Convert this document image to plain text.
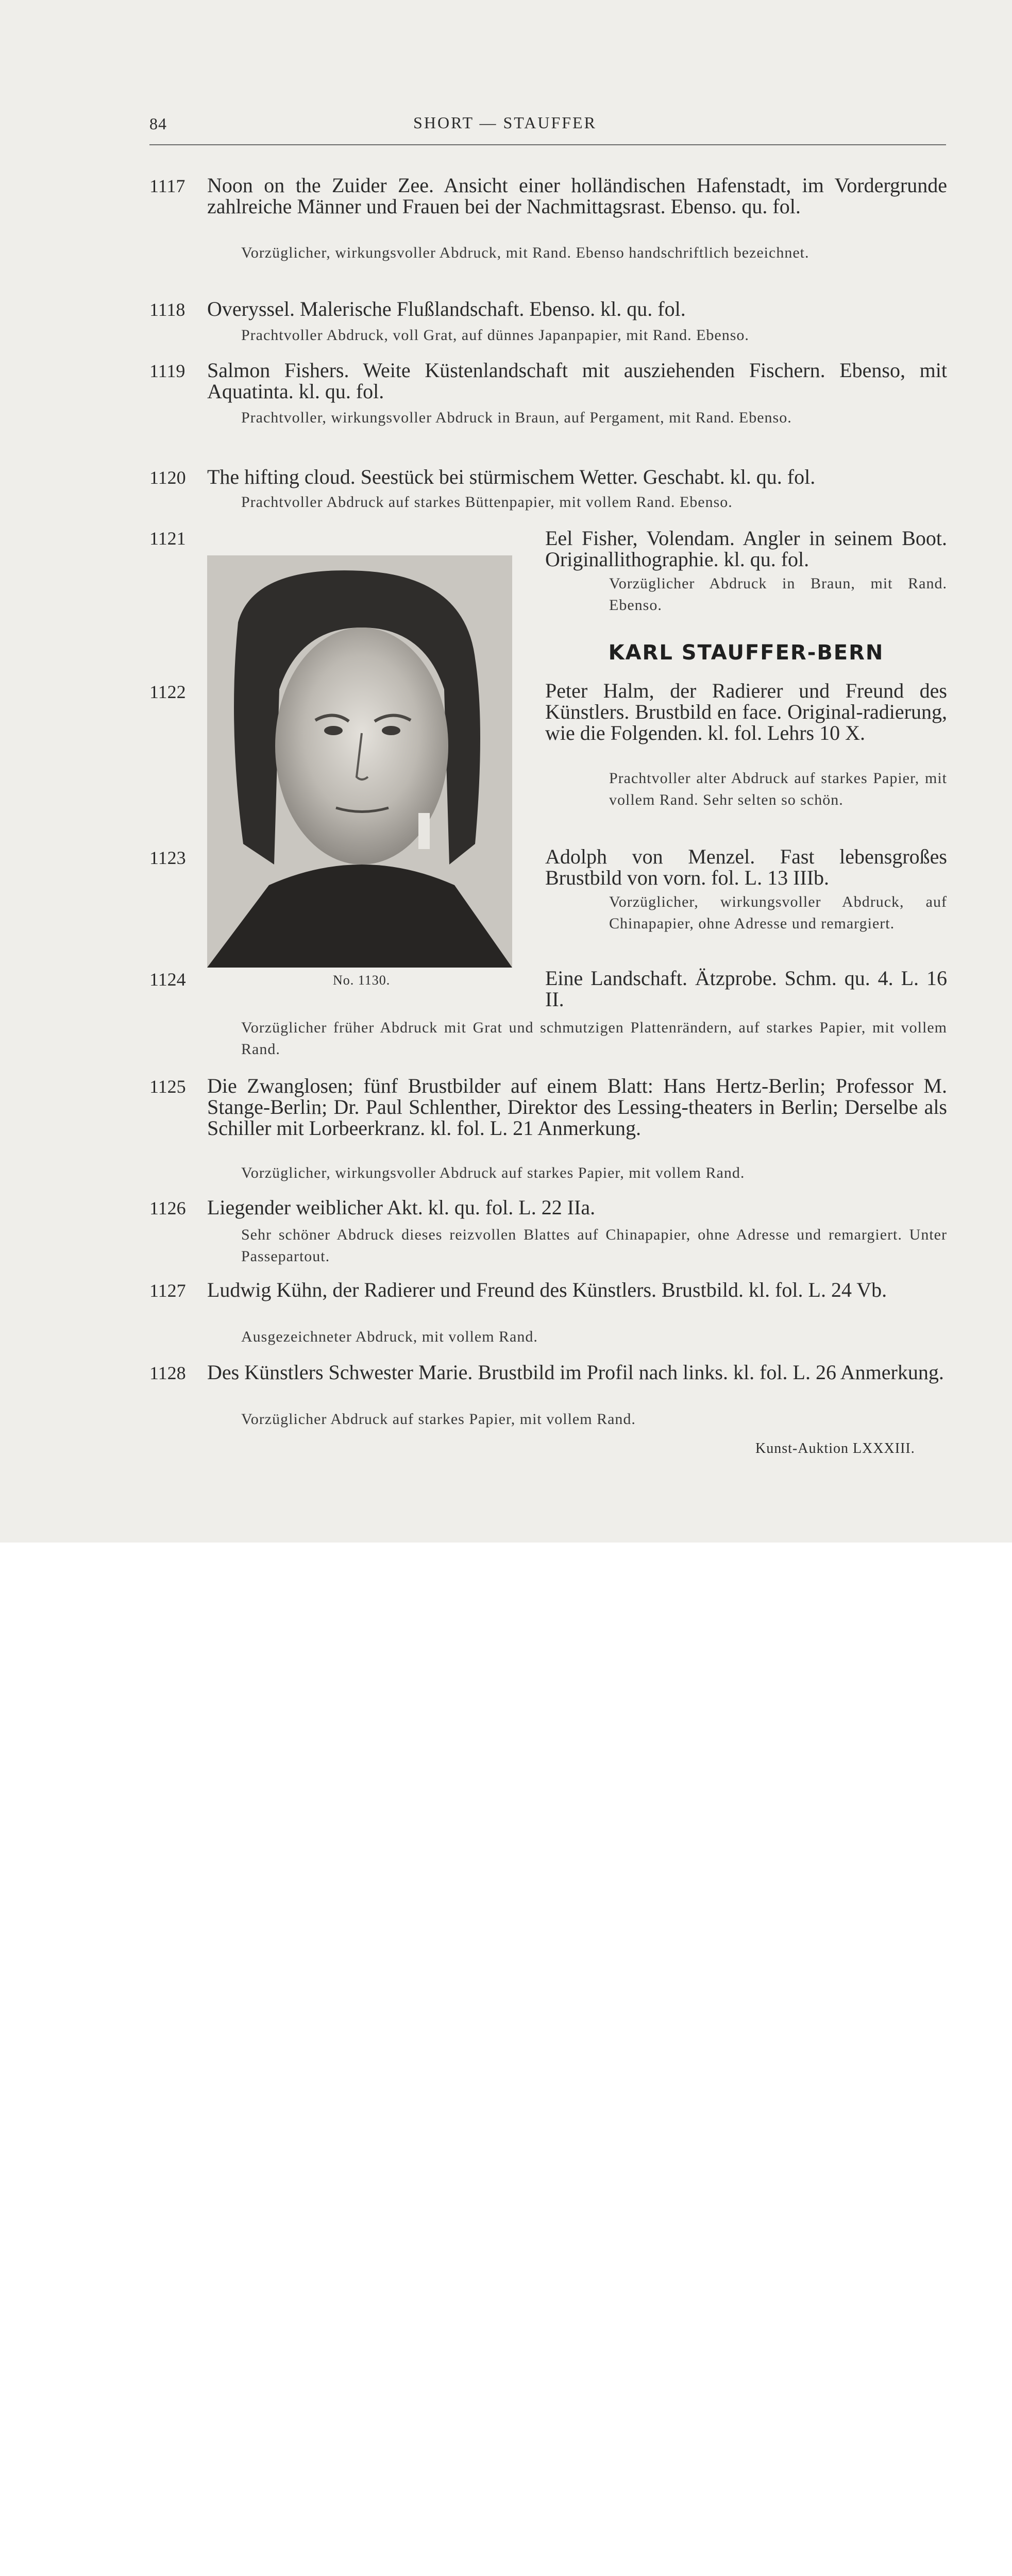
84	SHORT — STAUFFER
1117 Noon on the Zuider Zee. Ansicht einer holländischen Hafenstadt, im Vordergrunde zahlreiche Männer und Frauen bei der Nachmittagsrast. Ebenso. qu. fol.
Vorzüglicher, wirkungsvoller Abdruck, mit Rand. Ebenso handschriftlich bezeichnet.
1118 Overyssel. Malerische Flußlandschaft. Ebenso. kl. qu. fol.
Prachtvoller Abdruck, voll Grat, auf dünnes Japanpapier, mit Rand. Ebenso.
1119 Salmon Fishers. Weite Küstenlandschaft mit ausziehenden Fischern. Ebenso, mit Aquatinta. kl. qu. fol.
Prachtvoller, wirkungsvoller Abdruck in Braun, auf Pergament, mit Rand. Ebenso.
1120 The hifting cloud. Seestück bei stürmischem Wetter. Geschabt. kl. qu. fol.
Prachtvoller Abdruck auf starkes Büttenpapier, mit vollem Rand. Ebenso.
No. 1130.
1121	Eel Fisher, Volendam. Angler in seinem Boot. Originallithographie. kl. qu. fol.
Vorzüglicher Abdruck in Braun, mit Rand. Ebenso.
KARL STAUFFER-BERN
1122	Peter Halm, der Radierer und Freund des Künstlers. Brustbild en face. Original-radierung, wie die Folgenden. kl. fol. Lehrs 10 X.
Prachtvoller alter Abdruck auf starkes Papier, mit vollem Rand. Sehr selten so schön.
1123	Adolph von Menzel. Fast lebensgroßes Brustbild von vorn. fol. L. 13 IIIb.
Vorzüglicher, wirkungsvoller Abdruck, auf Chinapapier, ohne Adresse und remargiert.
1124	Eine Landschaft. Ätzprobe. Schm. qu. 4. L. 16 II.
Vorzüglicher früher Abdruck mit Grat und schmutzigen Plattenrändern, auf starkes Papier, mit vollem Rand.
1125 Die Zwanglosen; fünf Brustbilder auf einem Blatt: Hans Hertz-Berlin; Professor M. Stange-Berlin; Dr. Paul Schlenther, Direktor des Lessing-theaters in Berlin; Derselbe als Schiller mit Lorbeerkranz. kl. fol. L. 21 Anmerkung.
Vorzüglicher, wirkungsvoller Abdruck auf starkes Papier, mit vollem Rand.
1126 Liegender weiblicher Akt. kl. qu. fol. L. 22 IIa.
Sehr schöner Abdruck dieses reizvollen Blattes auf Chinapapier, ohne Adresse und remargiert. Unter Passepartout.
1127 Ludwig Kühn, der Radierer und Freund des Künstlers. Brustbild. kl. fol. L. 24 Vb.
Ausgezeichneter Abdruck, mit vollem Rand.
1128 Des Künstlers Schwester Marie. Brustbild im Profil nach links. kl. fol. L. 26 Anmerkung.
Vorzüglicher Abdruck auf starkes Papier, mit vollem Rand.
Kunst-Auktion LXXXIII.
